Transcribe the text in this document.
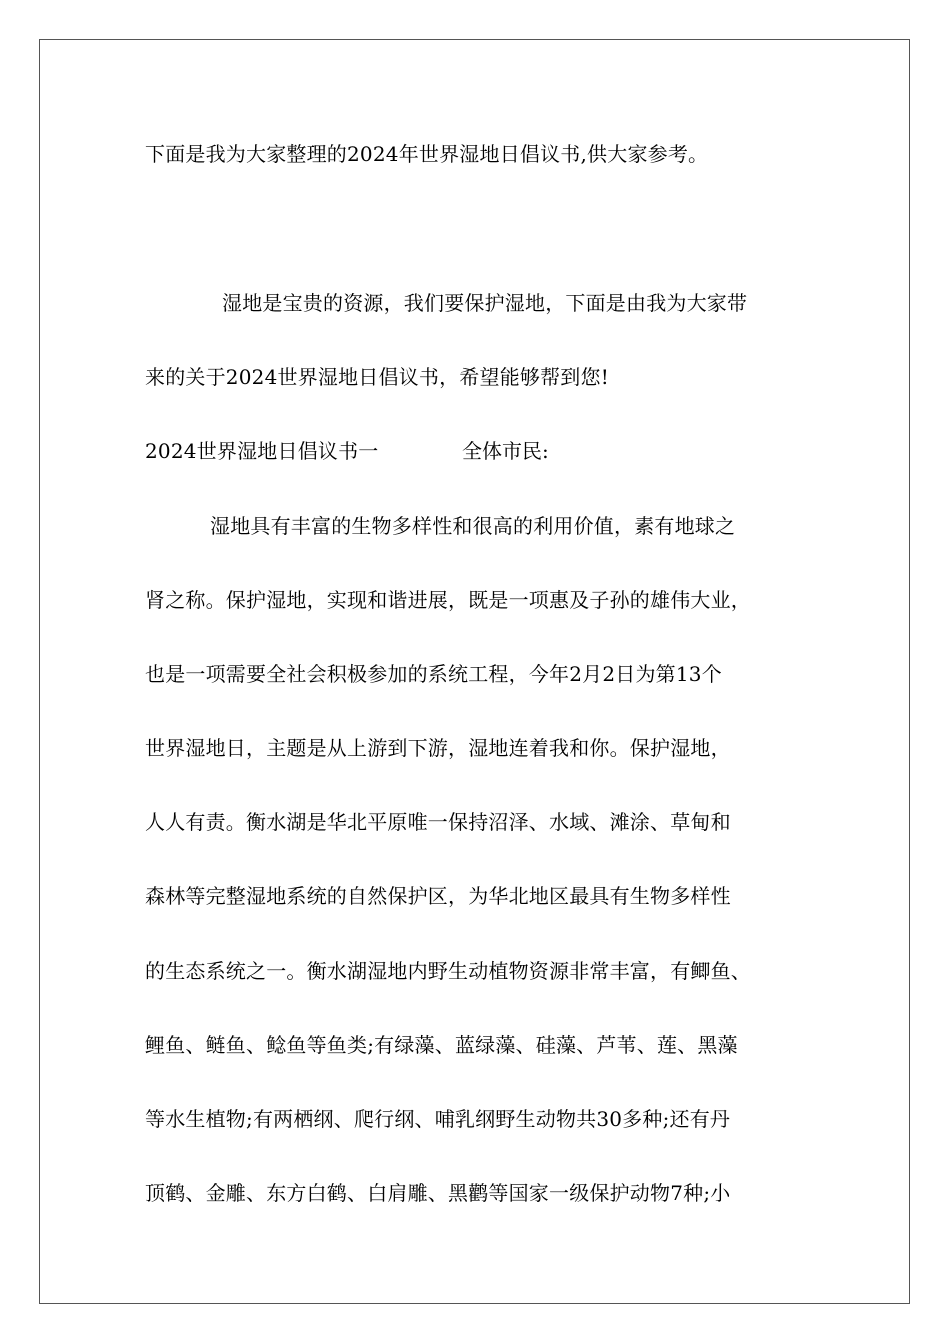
下面是我为大家整理的2024年世界湿地日倡议书,供大家参考。
湿地是宝贵的资源，我们要保护湿地，下面是由我为大家带
来的关于2024世界湿地日倡议书，希望能够帮到您!
2024世界湿地日倡议书一	全体市民:
湿地具有丰富的生物多样性和很高的利用价值，素有地球之
肾之称。保护湿地，实现和谐进展，既是一项惠及子孙的雄伟大业，
也是一项需要全社会积极参加的系统工程，今年2月2日为第13个
世界湿地日，主题是从上游到下游，湿地连着我和你。保护湿地，
人人有责。衡水湖是华北平原唯一保持沼泽、水域、滩涂、草甸和
森林等完整湿地系统的自然保护区，为华北地区最具有生物多样性
的生态系统之一。衡水湖湿地内野生动植物资源非常丰富，有鲫鱼、
鲤鱼、鲢鱼、鲶鱼等鱼类;有绿藻、蓝绿藻、硅藻、芦苇、莲、黑藻
等水生植物;有两栖纲、爬行纲、哺乳纲野生动物共30多种;还有丹
顶鹤、金雕、东方白鹤、白肩雕、黑鹳等国家一级保护动物7种;小
